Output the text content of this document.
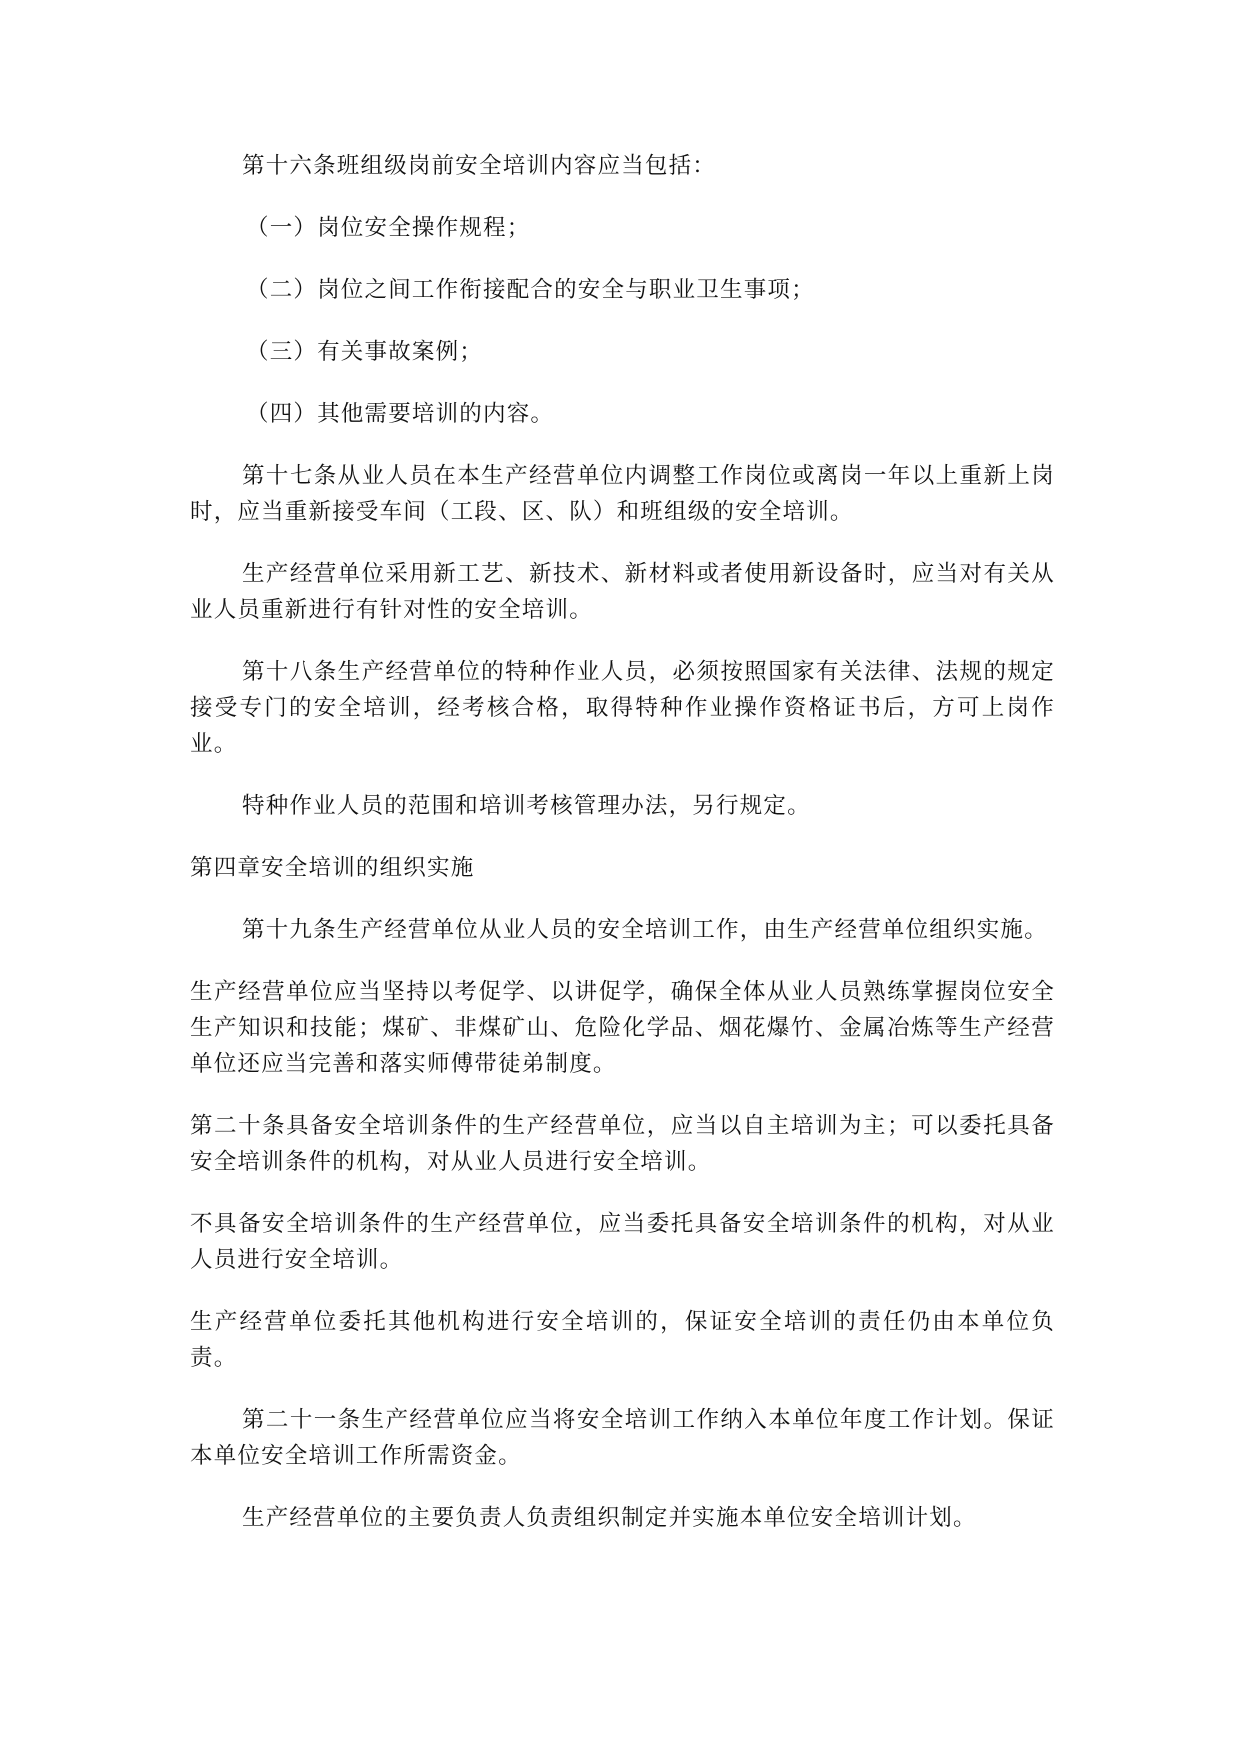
第十六条班组级岗前安全培训内容应当包括：

（一）岗位安全操作规程；

（二）岗位之间工作衔接配合的安全与职业卫生事项；

（三）有关事故案例；

（四）其他需要培训的内容。

第十七条从业人员在本生产经营单位内调整工作岗位或离岗一年以上重新上岗时，应当重新接受车间（工段、区、队）和班组级的安全培训。

生产经营单位采用新工艺、新技术、新材料或者使用新设备时，应当对有关从业人员重新进行有针对性的安全培训。

第十八条生产经营单位的特种作业人员，必须按照国家有关法律、法规的规定接受专门的安全培训，经考核合格，取得特种作业操作资格证书后，方可上岗作业。

特种作业人员的范围和培训考核管理办法，另行规定。

第四章安全培训的组织实施

第十九条生产经营单位从业人员的安全培训工作，由生产经营单位组织实施。

生产经营单位应当坚持以考促学、以讲促学，确保全体从业人员熟练掌握岗位安全生产知识和技能；煤矿、非煤矿山、危险化学品、烟花爆竹、金属冶炼等生产经营单位还应当完善和落实师傅带徒弟制度。

第二十条具备安全培训条件的生产经营单位，应当以自主培训为主；可以委托具备安全培训条件的机构，对从业人员进行安全培训。

不具备安全培训条件的生产经营单位，应当委托具备安全培训条件的机构，对从业人员进行安全培训。

生产经营单位委托其他机构进行安全培训的，保证安全培训的责任仍由本单位负责。

第二十一条生产经营单位应当将安全培训工作纳入本单位年度工作计划。保证本单位安全培训工作所需资金。

生产经营单位的主要负责人负责组织制定并实施本单位安全培训计划。
